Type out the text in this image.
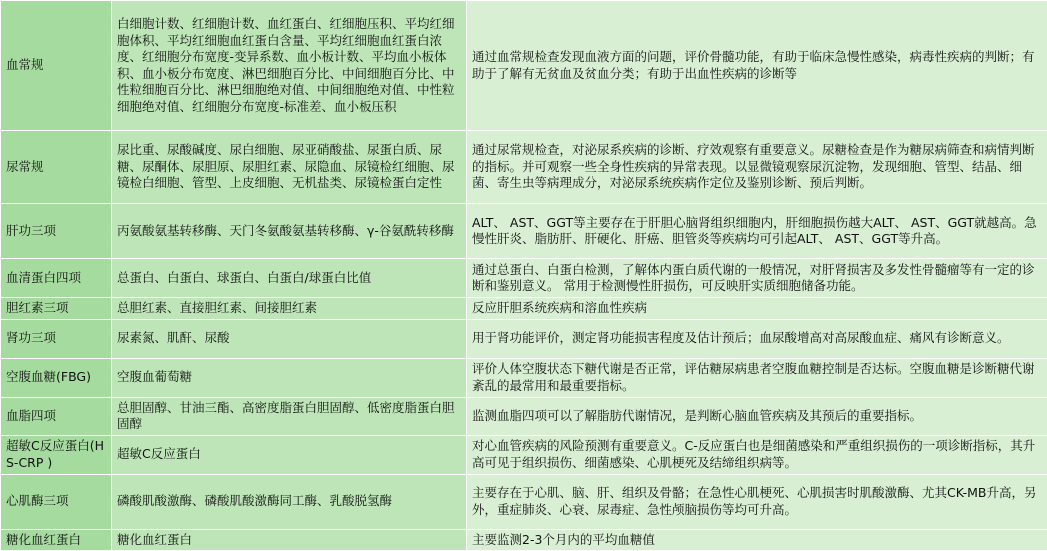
血常规	白细胞计数、红细胞计数、血红蛋白、红细胞压积、平均红细胞体积、平均红细胞血红蛋白含量、平均红细胞血红蛋白浓度、红细胞分布宽度-变异系数、血小板计数、平均血小板体积、血小板分布宽度、淋巴细胞百分比、中间细胞百分比、中性粒细胞百分比、淋巴细胞绝对值、中间细胞绝对值、中性粒细胞绝对值、红细胞分布宽度-标准差、血小板压积	通过血常规检查发现血液方面的问题，评价骨髓功能，有助于临床急慢性感染，病毒性疾病的判断；有助于了解有无贫血及贫血分类；有助于出血性疾病的诊断等
尿常规	尿比重、尿酸碱度、尿白细胞、尿亚硝酸盐、尿蛋白质、尿糖、尿酮体、尿胆原、尿胆红素、尿隐血、尿镜检红细胞、尿镜检白细胞、管型、上皮细胞、无机盐类、尿镜检蛋白定性	通过尿常规检查，对泌尿系疾病的诊断、疗效观察有重要意义。尿糖检查是作为糖尿病筛查和病情判断的指标。并可观察一些全身性疾病的异常表现。以显微镜观察尿沉淀物，发现细胞、管型、结晶、细菌、寄生虫等病理成分，对泌尿系统疾病作定位及鉴别诊断、预后判断。
肝功三项	丙氨酸氨基转移酶、天门冬氨酸氨基转移酶、γ-谷氨酰转移酶	ALT、 AST、GGT等主要存在于肝胆心脑肾组织细胞内，肝细胞损伤越大ALT、 AST、GGT就越高。急慢性肝炎、脂肪肝、肝硬化、肝癌、胆管炎等疾病均可引起ALT、 AST、GGT等升高。
血清蛋白四项	总蛋白、白蛋白、球蛋白、白蛋白/球蛋白比值	通过总蛋白、白蛋白检测，了解体内蛋白质代谢的一般情况，对肝肾损害及多发性骨髓瘤等有一定的诊断和鉴别意义。 常用于检测慢性肝损伤，可反映肝实质细胞储备功能。
胆红素三项	总胆红素、直接胆红素、间接胆红素	反应肝胆系统疾病和溶血性疾病
肾功三项	尿素氮、肌酐、尿酸	用于肾功能评价，测定肾功能损害程度及估计预后；血尿酸增高对高尿酸血症、痛风有诊断意义。
空腹血糖(FBG)	空腹血葡萄糖	评价人体空腹状态下糖代谢是否正常，评估糖尿病患者空腹血糖控制是否达标。空腹血糖是诊断糖代谢紊乱的最常用和最重要指标。
血脂四项	总胆固醇、甘油三酯、高密度脂蛋白胆固醇、低密度脂蛋白胆固醇	监测血脂四项可以了解脂肪代谢情况，是判断心脑血管疾病及其预后的重要指标。
超敏C反应蛋白(HS-CRP )	超敏C反应蛋白	对心血管疾病的风险预测有重要意义。C-反应蛋白也是细菌感染和严重组织损伤的一项诊断指标，其升高可见于组织损伤、细菌感染、心肌梗死及结缔组织病等。
心肌酶三项	磷酸肌酸激酶、磷酸肌酸激酶同工酶、乳酸脱氢酶	主要存在于心肌、脑、肝、组织及骨骼；在急性心肌梗死、心肌损害时肌酸激酶、尤其CK-MB升高，另外，重症肺炎、心衰、尿毒症、急性颅脑损伤等均可升高。
糖化血红蛋白	糖化血红蛋白	主要监测2-3个月内的平均血糖值
